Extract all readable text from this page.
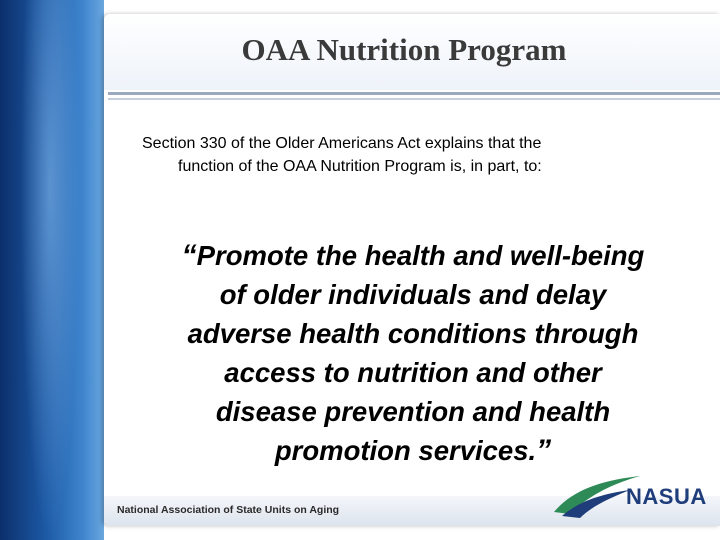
OAA Nutrition Program
Section 330 of the Older Americans Act explains that the
function of the OAA Nutrition Program is, in part, to:
“Promote the health and well-being
of older individuals and delay
adverse health conditions through
access to nutrition and other
disease prevention and health
promotion services.”
National Association of State Units on Aging
NASUA
